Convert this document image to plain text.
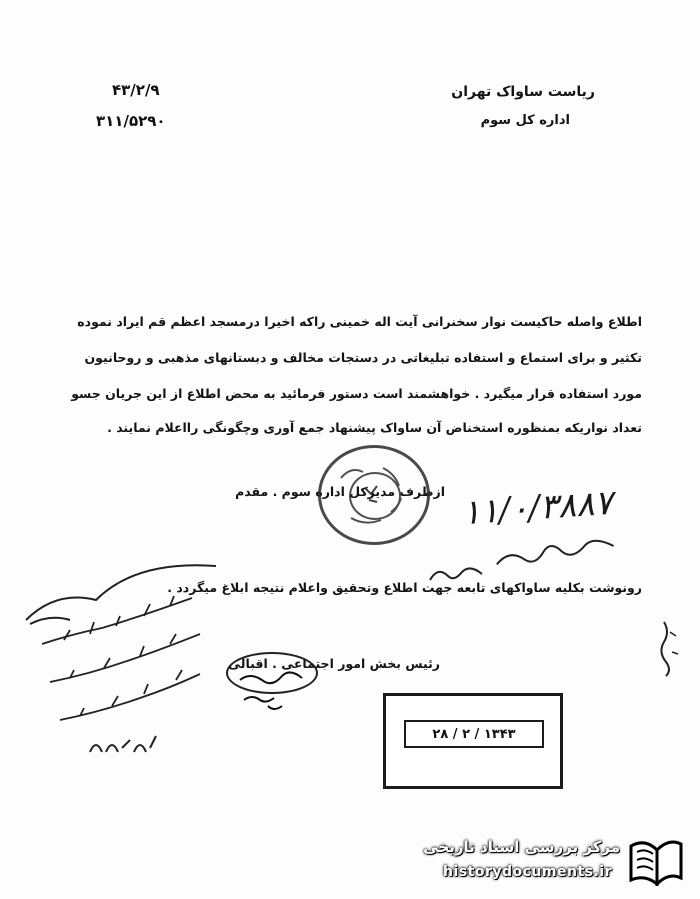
ریاست ساواک تهران
اداره کل سوم
۴۳/۲/۹
۳۱۱/۵۲۹۰
اطلاع واصله حاکیست نوار سخنرانی آیت اله خمینی راکه اخیرا درمسجد اعظم قم ایراد نموده
تکثیر و برای استماع و استفاده تبلیغاتی در دستجات مخالف و دبستانهای مذهبی و روحانیون
مورد استفاده قرار میگیرد . خواهشمند است دستور فرمائید به محض اطلاع از این جریان جسو
تعداد نواریکه بمنظوره استخناض آن ساواک پیشنهاد جمع آوری وچگونگی رااعلام نمایند .
ازطرف مدیرکل اداره سوم . مقدم ۱۱/۰/۳۸۸۷
رونوشت بکلیه ساواکهای تابعه جهت اطلاع وتحقیق واعلام نتیجه ابلاغ میگردد .
رئیس بخش امور اجتماعی . اقبالی
۱۳۴۳ / ۲ / ۲۸
مرکز بررسی اسناد تاریخی
historydocuments.ir
